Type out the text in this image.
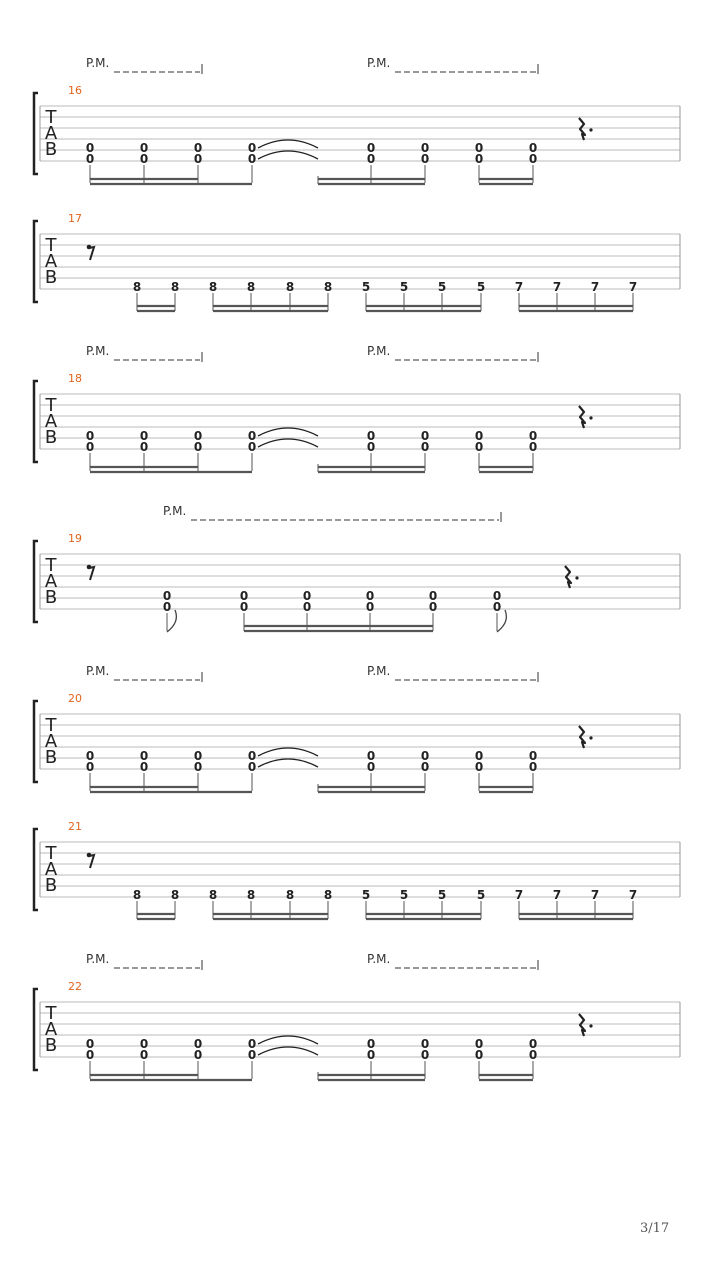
T
A
B
16
P.M.	P.M.
0
0
0
0
0
0
0
0
0
0
0
0
0
0
0
0
T
A
B
17
8 8 8 8	8 8 5 5 5	5 7 7 7 7
T
A
B
18
P.M.	P.M.
0
0
0
0
0
0
0
0
0
0
0
0
0
0
0
0
T
A
B
19
P.M.
0
0
0
0
0
0
0
0
0
0
0
0
T
A
B
20
P.M.	P.M.
0
0
0
0
0
0
0
0
0
0
0
0
0
0
0
0
T
A
B
21
8 8 8 8	8 8 5 5 5	5 7 7 7 7
T
A
B
22
P.M.	P.M.
0
0
0
0
0
0
0
0
0
0
0
0
0
0
0
0
3/17
